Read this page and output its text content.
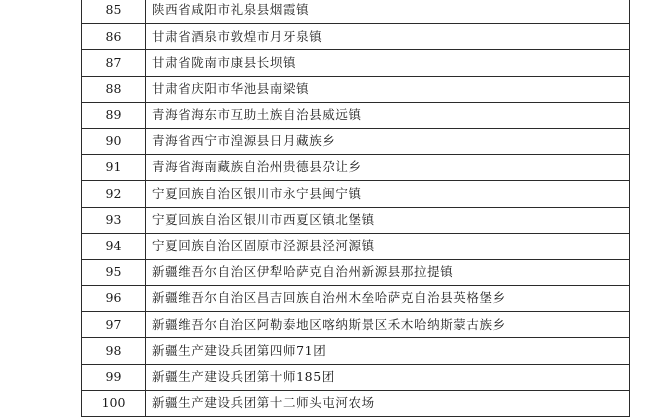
85	陕西省咸阳市礼泉县烟霞镇
86	甘肃省酒泉市敦煌市月牙泉镇
87	甘肃省陇南市康县长坝镇
88	甘肃省庆阳市华池县南梁镇
89	青海省海东市互助土族自治县威远镇
90	青海省西宁市湟源县日月藏族乡
91	青海省海南藏族自治州贵德县尕让乡
92	宁夏回族自治区银川市永宁县闽宁镇
93	宁夏回族自治区银川市西夏区镇北堡镇
94	宁夏回族自治区固原市泾源县泾河源镇
95	新疆维吾尔自治区伊犁哈萨克自治州新源县那拉提镇
96	新疆维吾尔自治区昌吉回族自治州木垒哈萨克自治县英格堡乡
97	新疆维吾尔自治区阿勒泰地区喀纳斯景区禾木哈纳斯蒙古族乡
98	新疆生产建设兵团第四师71团
99	新疆生产建设兵团第十师185团
100	新疆生产建设兵团第十二师头屯河农场
